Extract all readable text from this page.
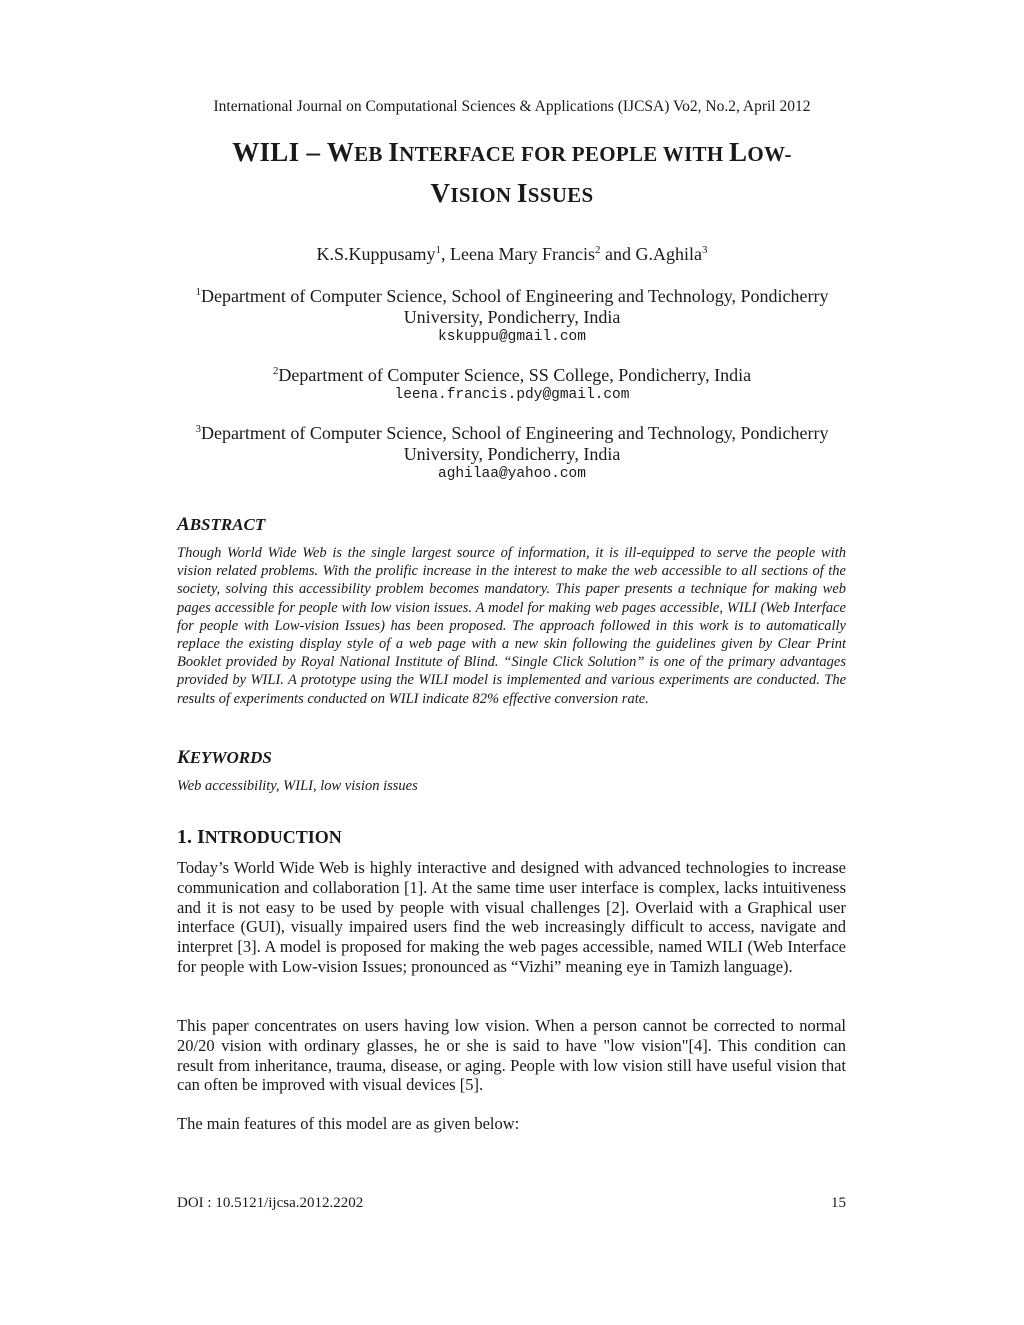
International Journal on Computational Sciences & Applications (IJCSA) Vo2, No.2, April 2012
WILI – WEB INTERFACE FOR PEOPLE WITH LOW-
VISION ISSUES
K.S.Kuppusamy$^1$, Leena Mary Francis$^2$ and G.Aghila$^3$
$^1$Department of Computer Science, School of Engineering and Technology, Pondicherry
University, Pondicherry, India
kskuppu@gmail.com
$^2$Department of Computer Science, SS College, Pondicherry, India
leena.francis.pdy@gmail.com
$^3$Department of Computer Science, School of Engineering and Technology, Pondicherry
University, Pondicherry, India
aghilaa@yahoo.com
ABSTRACT
Though World Wide Web is the single largest source of information, it is ill-equipped to serve the people with vision related problems. With the prolific increase in the interest to make the web accessible to all sections of the society, solving this accessibility problem becomes mandatory. This paper presents a technique for making web pages accessible for people with low vision issues. A model for making web pages accessible, WILI (Web Interface for people with Low-vision Issues) has been proposed. The approach followed in this work is to automatically replace the existing display style of a web page with a new skin following the guidelines given by Clear Print Booklet provided by Royal National Institute of Blind. “Single Click Solution” is one of the primary advantages provided by WILI. A prototype using the WILI model is implemented and various experiments are conducted. The results of experiments conducted on WILI indicate 82% effective conversion rate.
KEYWORDS
Web accessibility, WILI, low vision issues
1. INTRODUCTION
Today’s World Wide Web is highly interactive and designed with advanced technologies to increase communication and collaboration [1]. At the same time user interface is complex, lacks intuitiveness and it is not easy to be used by people with visual challenges [2]. Overlaid with a Graphical user interface (GUI), visually impaired users find the web increasingly difficult to access, navigate and interpret [3]. A model is proposed for making the web pages accessible, named WILI (Web Interface for people with Low-vision Issues; pronounced as “Vizhi” meaning eye in Tamizh language).
This paper concentrates on users having low vision. When a person cannot be corrected to normal 20/20 vision with ordinary glasses, he or she is said to have "low vision"[4]. This condition can result from inheritance, trauma, disease, or aging. People with low vision still have useful vision that can often be improved with visual devices [5].
The main features of this model are as given below:
DOI : 10.5121/ijcsa.2012.2202	15
